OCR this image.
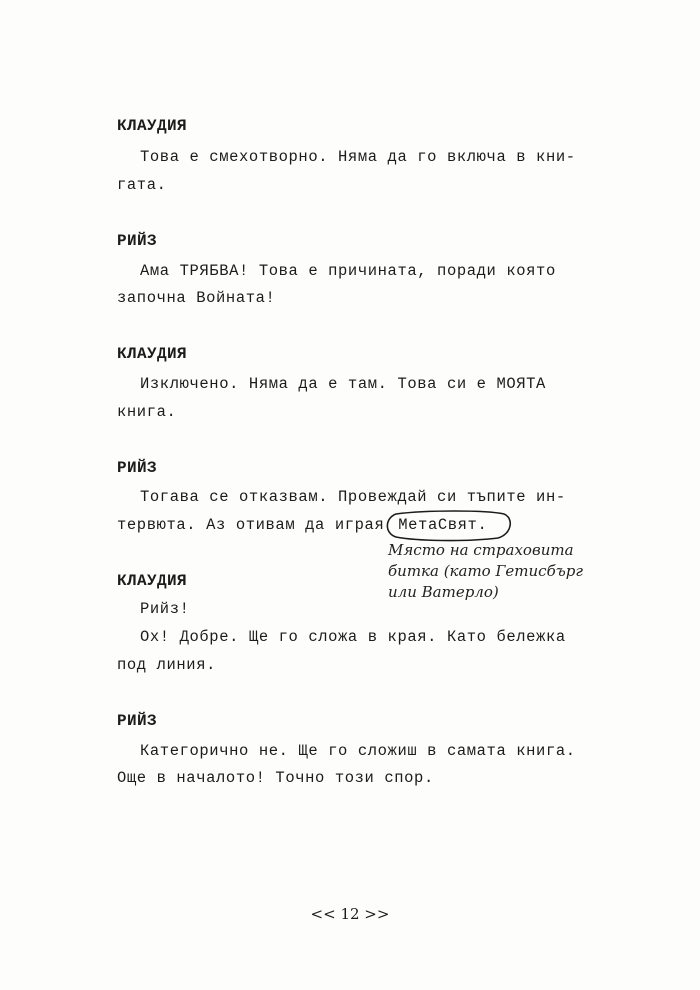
КЛАУДИЯ
Това е смехотворно. Няма да го включа в кни-
гата.
РИЙЗ
Ама ТРЯБВА! Това е причината, поради която
започна Войната!
КЛАУДИЯ
Изключено. Няма да е там. Това си е МОЯТА
книга.
РИЙЗ
Тогава се отказвам. Провеждай си тъпите ин-
тервюта. Аз отивам да играя МетаСвят.
КЛАУДИЯ
Рийз!
Ох! Добре. Ще го сложа в края. Като бележка
под линия.
РИЙЗ
Категорично не. Ще го сложиш в самата книга.
Още в началото! Точно този спор.
Място на страховита
битка (като Гетисбърг
или Ватерло)
<< 12 >>
